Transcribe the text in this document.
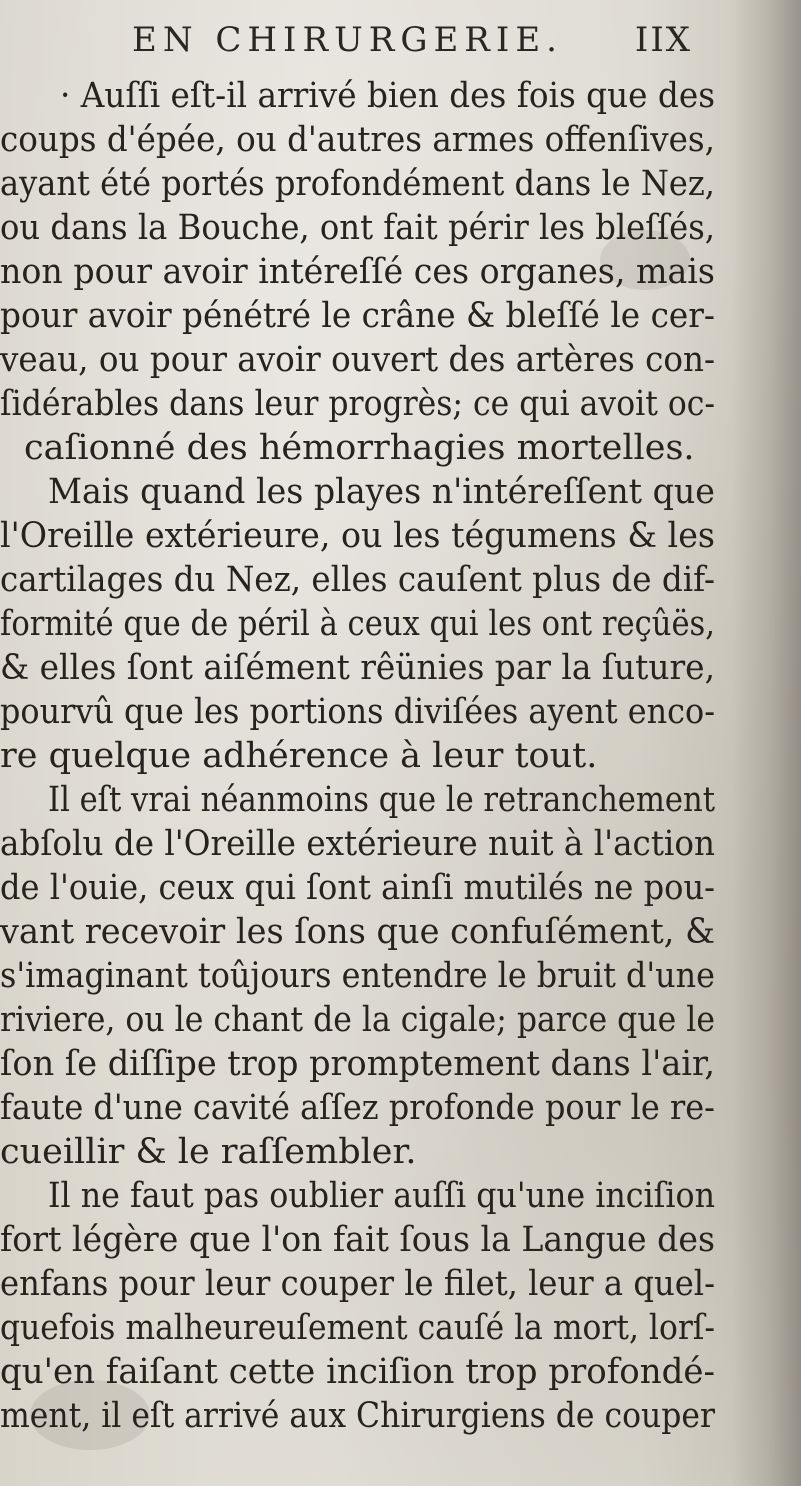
EN CHIRURGERIE. IIX
· Auſſi eſt-il arrivé bien des fois que des
coups d'épée, ou d'autres armes offenſives,
ayant été portés profondément dans le Nez,
ou dans la Bouche, ont fait périr les bleſſés,
non pour avoir intéreſſé ces organes, mais
pour avoir pénétré le crâne & bleſſé le cer-
veau, ou pour avoir ouvert des artères con-
ſidérables dans leur progrès; ce qui avoit oc-
caſionné des hémorrhagies mortelles.
Mais quand les playes n'intéreſſent que
l'Oreille extérieure, ou les tégumens & les
cartilages du Nez, elles cauſent plus de dif-
formité que de péril à ceux qui les ont reçûës,
& elles ſont aiſément rêünies par la ſuture,
pourvû que les portions diviſées ayent enco-
re quelque adhérence à leur tout.
Il eſt vrai néanmoins que le retranchement
abſolu de l'Oreille extérieure nuit à l'action
de l'ouie, ceux qui ſont ainſi mutilés ne pou-
vant recevoir les ſons que confuſément, &
s'imaginant toûjours entendre le bruit d'une
riviere, ou le chant de la cigale; parce que le
ſon ſe diſſipe trop promptement dans l'air,
faute d'une cavité aſſez profonde pour le re-
cueillir & le raſſembler.
Il ne faut pas oublier auſſi qu'une inciſion
fort légère que l'on fait ſous la Langue des
enfans pour leur couper le filet, leur a quel-
quefois malheureuſement cauſé la mort, lorſ-
qu'en faiſant cette inciſion trop profondé-
ment, il eſt arrivé aux Chirurgiens de couper
